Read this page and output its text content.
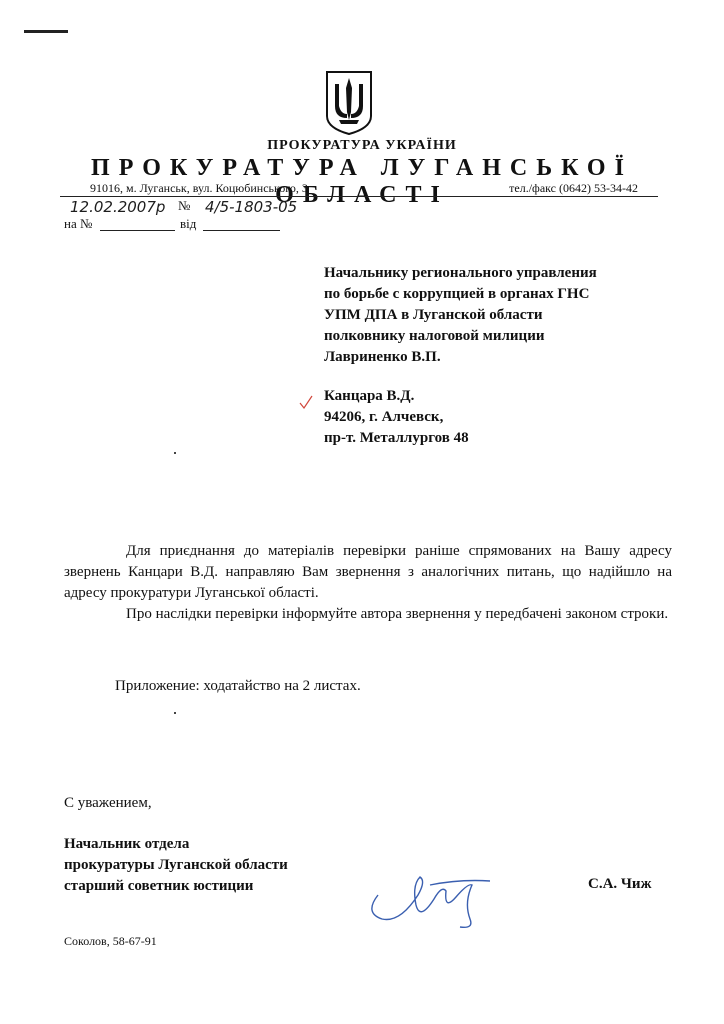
ПРОКУРАТУРА УКРАЇНИ
ПРОКУРАТУРА ЛУГАНСЬКОЇ ОБЛАСТІ
91016, м. Луганськ, вул. Коцюбинського, 3	тел./факс (0642) 53-34-42
12.02.2007р № 4/5-1803-05
на №	від
Начальнику регионального управления
по борьбе с коррупцией в органах ГНС
УПМ ДПА в Луганской области
полковнику налоговой милиции
Лавриненко В.П.
Канцара В.Д.
94206, г. Алчевск,
пр-т. Металлургов 48
Для приєднання до матеріалів перевірки раніше спрямованих на Вашу адресу звернень Канцари В.Д. направляю Вам звернення з аналогічних питань, що надійшло на адресу прокуратури Луганської області.
Про наслідки перевірки інформуйте автора звернення у передбачені законом строки.
Приложение: ходатайство на 2 листах.
С уважением,
Начальник отдела
прокуратуры Луганской области
старший советник юстиции	С.А. Чиж
Соколов, 58-67-91
